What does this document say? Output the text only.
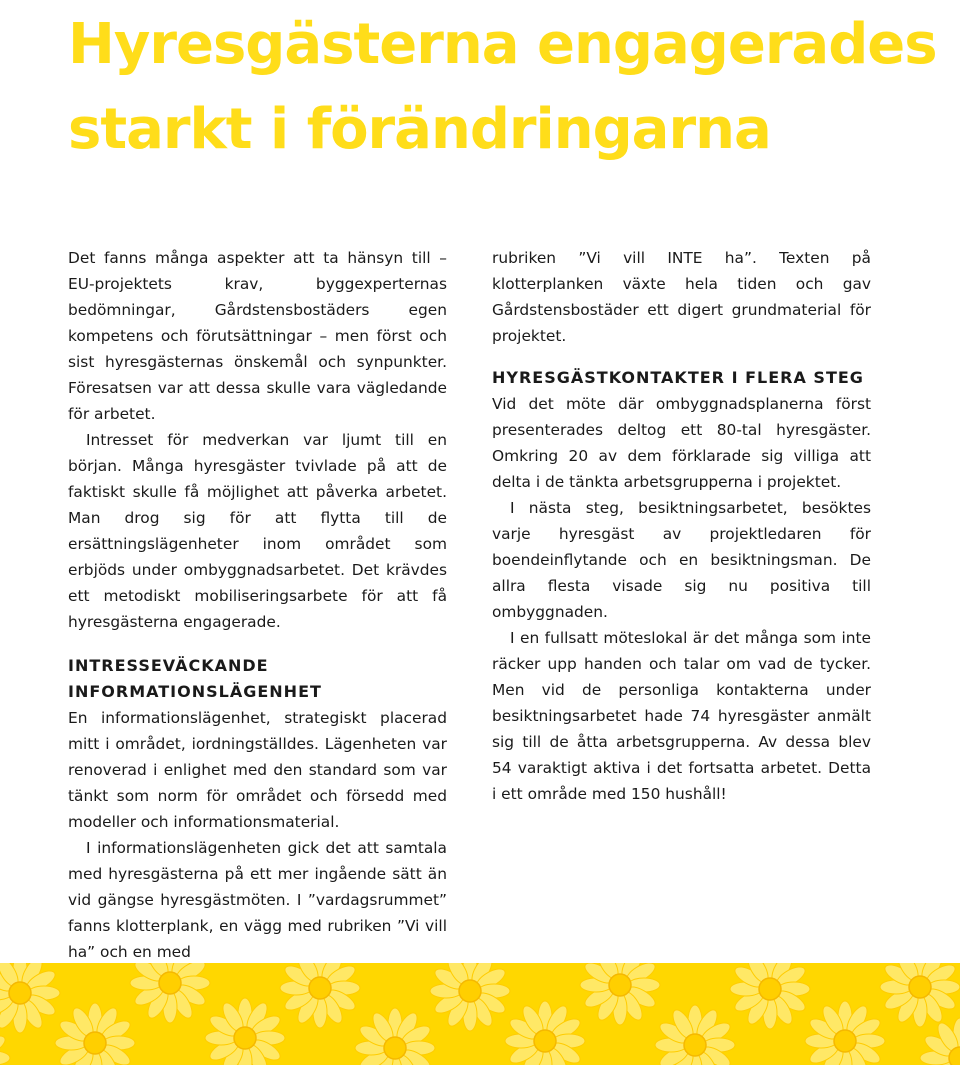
Hyresgästerna engagerades starkt i förändringarna

Det fanns många aspekter att ta hänsyn till – EU-projektets krav, byggexperternas bedömningar, Gårdstensbostäders egen kompetens och förutsättningar – men först och sist hyresgästernas önskemål och synpunkter. Föresatsen var att dessa skulle vara vägledande för arbetet.

Intresset för medverkan var ljumt till en början. Många hyresgäster tvivlade på att de faktiskt skulle få möjlighet att påverka arbetet. Man drog sig för att flytta till de ersättningslägenheter inom området som erbjöds under ombyggnadsarbetet. Det krävdes ett metodiskt mobiliseringsarbete för att få hyresgästerna engagerade.

INTRESSEVÄCKANDE INFORMATIONSLÄGENHET

En informationslägenhet, strategiskt placerad mitt i området, iordningställdes. Lägenheten var renoverad i enlighet med den standard som var tänkt som norm för området och försedd med modeller och informationsmaterial.

I informationslägenheten gick det att samtala med hyresgästerna på ett mer ingående sätt än vid gängse hyresgästmöten. I ”vardagsrummet” fanns klotterplank, en vägg med rubriken ”Vi vill ha” och en med

rubriken ”Vi vill INTE ha”. Texten på klotterplanken växte hela tiden och gav Gårdstensbostäder ett digert grundmaterial för projektet.

HYRESGÄSTKONTAKTER I FLERA STEG

Vid det möte där ombyggnadsplanerna först presenterades deltog ett 80-tal hyresgäster. Omkring 20 av dem förklarade sig villiga att delta i de tänkta arbetsgrupperna i projektet.

I nästa steg, besiktningsarbetet, besöktes varje hyresgäst av projektledaren för boendeinflytande och en besiktningsman. De allra flesta visade sig nu positiva till ombyggnaden.

I en fullsatt möteslokal är det många som inte räcker upp handen och talar om vad de tycker. Men vid de personliga kontakterna under besiktningsarbetet hade 74 hyresgäster anmält sig till de åtta arbetsgrupperna. Av dessa blev 54 varaktigt aktiva i det fortsatta arbetet. Detta i ett område med 150 hushåll!
